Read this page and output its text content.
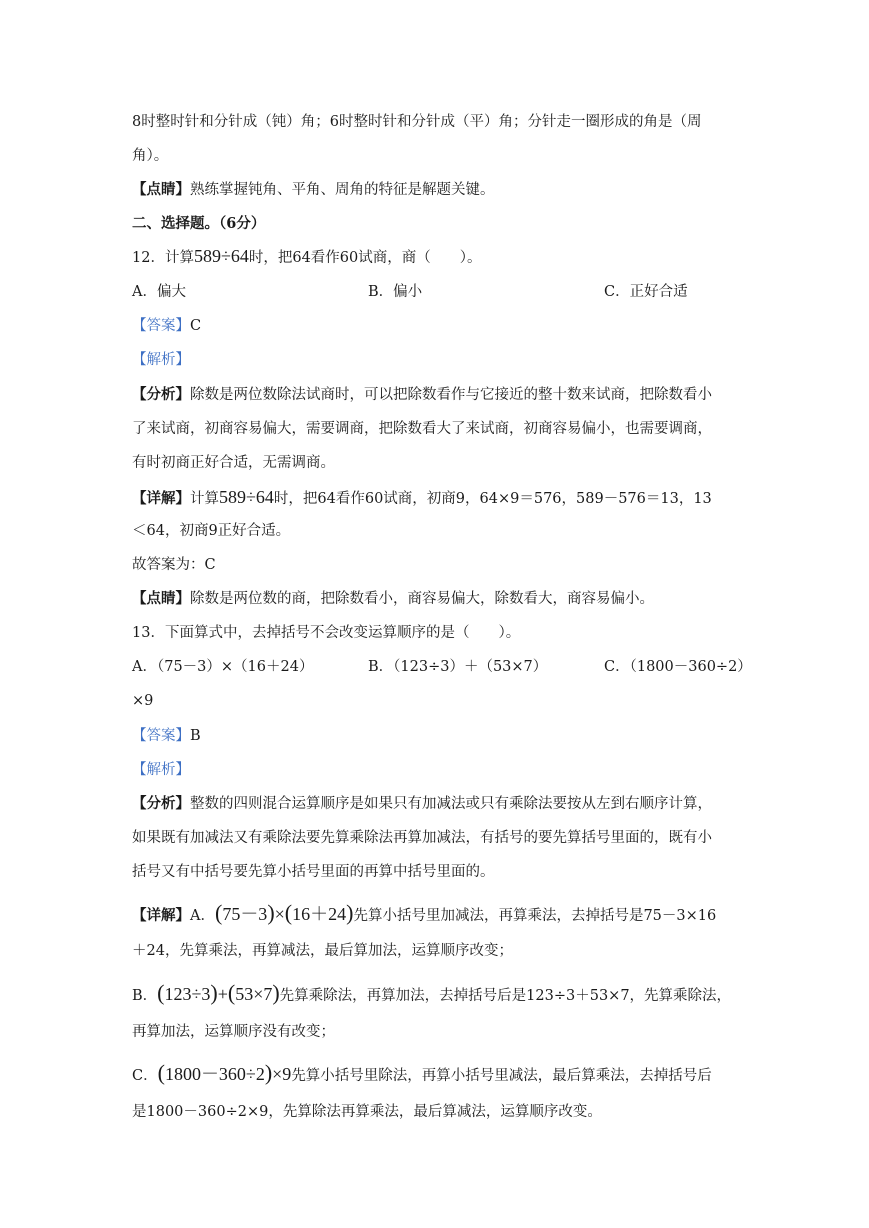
8时整时针和分针成（钝）角；6时整时针和分针成（平）角；分针走一圈形成的角是（周
角）。
【点睛】熟练掌握钝角、平角、周角的特征是解题关键。
二、选择题。（6分）
12．计算589÷64时，把64看作60试商，商（　　）。
A．偏大	B．偏小	C．正好合适
【答案】C
【解析】
【分析】除数是两位数除法试商时，可以把除数看作与它接近的整十数来试商，把除数看小
了来试商，初商容易偏大，需要调商，把除数看大了来试商，初商容易偏小，也需要调商，
有时初商正好合适，无需调商。
【详解】计算589÷64时，把64看作60试商，初商9，64×9＝576，589－576＝13，13
＜64，初商9正好合适。
故答案为：C
【点睛】除数是两位数的商，把除数看小，商容易偏大，除数看大，商容易偏小。
13．下面算式中，去掉括号不会改变运算顺序的是（　　）。
A．（75－3）×（16＋24）	B．（123÷3）＋（53×7）	C．（1800－360÷2）
×9
【答案】B
【解析】
【分析】整数的四则混合运算顺序是如果只有加减法或只有乘除法要按从左到右顺序计算，
如果既有加减法又有乘除法要先算乘除法再算加减法，有括号的要先算括号里面的，既有小
括号又有中括号要先算小括号里面的再算中括号里面的。
【详解】A．(75－3)×(16＋24)先算小括号里加减法，再算乘法，去掉括号是75－3×16
＋24，先算乘法，再算减法，最后算加法，运算顺序改变；
B．(123÷3)+(53×7)先算乘除法，再算加法，去掉括号后是123÷3＋53×7，先算乘除法，
再算加法，运算顺序没有改变；
C．(1800－360÷2)×9先算小括号里除法，再算小括号里减法，最后算乘法，去掉括号后
是1800－360÷2×9，先算除法再算乘法，最后算减法，运算顺序改变。
